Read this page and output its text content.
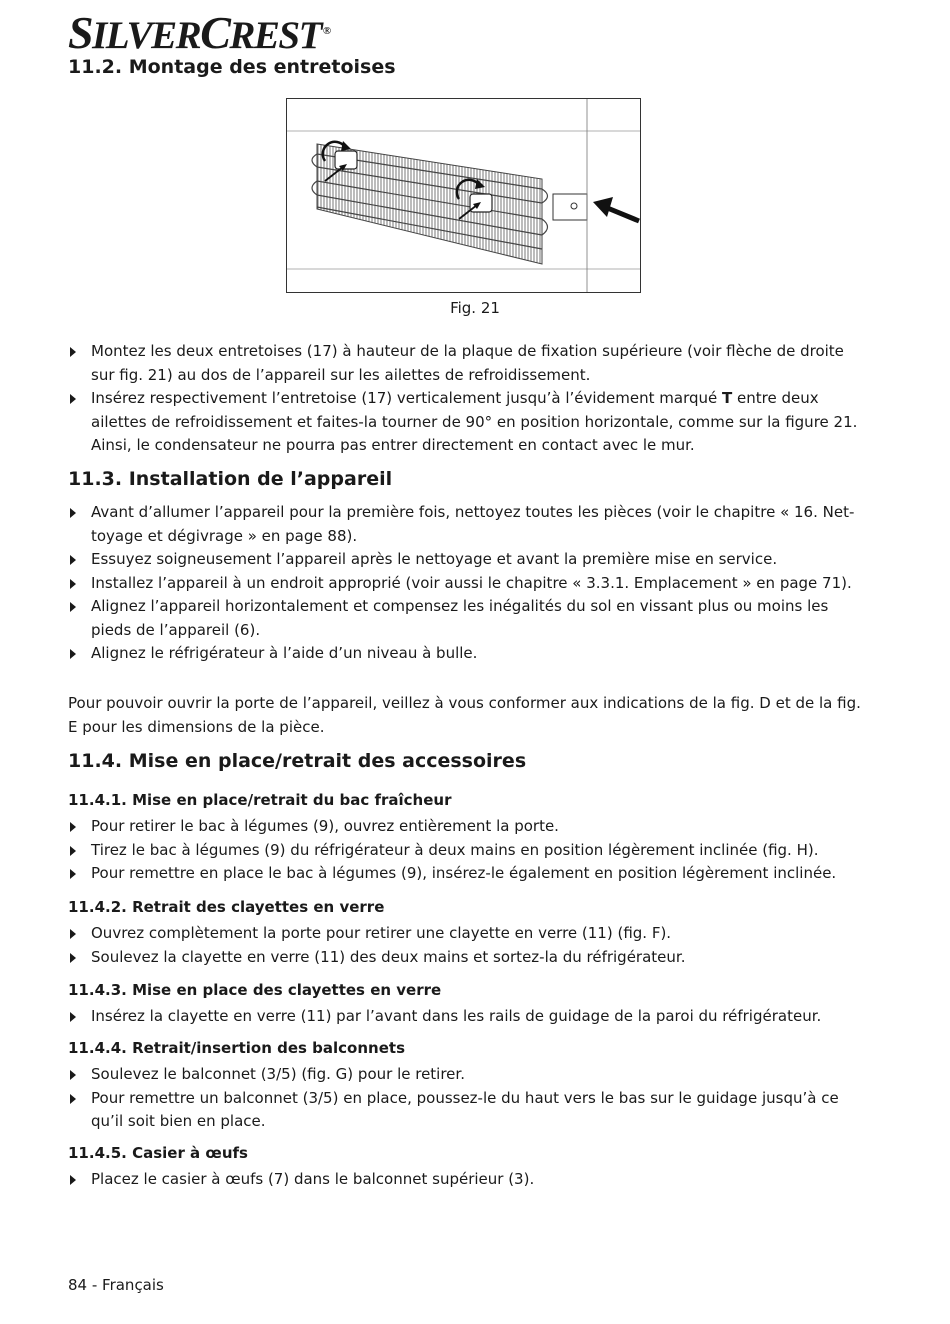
SILVERCREST ®
11.2. Montage des entretoises
Fig. 21
Montez les deux entretoises (17) à hauteur de la plaque de fixation supérieure (voir flèche de droite sur fig. 21) au dos de l’appareil sur les ailettes de refroidissement.
Insérez respectivement l’entretoise (17) verticalement jusqu’à l’évidement marqué T entre deux ailettes de refroidissement et faites-la tourner de 90° en position horizontale, comme sur la figure 21. Ainsi, le condensateur ne pourra pas entrer directement en contact avec le mur.
11.3. Installation de l’appareil
Avant d’allumer l’appareil pour la première fois, nettoyez toutes les pièces (voir le chapitre « 16. Net-toyage et dégivrage » en page 88).
Essuyez soigneusement l’appareil après le nettoyage et avant la première mise en service.
Installez l’appareil à un endroit approprié (voir aussi le chapitre « 3.3.1. Emplacement » en page 71).
Alignez l’appareil horizontalement et compensez les inégalités du sol en vissant plus ou moins les pieds de l’appareil (6).
Alignez le réfrigérateur à l’aide d’un niveau à bulle.

Pour pouvoir ouvrir la porte de l’appareil, veillez à vous conformer aux indications de la fig. D et de la fig. E pour les dimensions de la pièce.

11.4. Mise en place/retrait des accessoires
11.4.1. Mise en place/retrait du bac fraîcheur
Pour retirer le bac à légumes (9), ouvrez entièrement la porte.
Tirez le bac à légumes (9) du réfrigérateur à deux mains en position légèrement inclinée (fig. H).
Pour remettre en place le bac à légumes (9), insérez-le également en position légèrement inclinée.
11.4.2. Retrait des clayettes en verre
Ouvrez complètement la porte pour retirer une clayette en verre (11) (fig. F).
Soulevez la clayette en verre (11) des deux mains et sortez-la du réfrigérateur.
11.4.3. Mise en place des clayettes en verre
Insérez la clayette en verre (11) par l’avant dans les rails de guidage de la paroi du réfrigérateur.
11.4.4. Retrait/insertion des balconnets
Soulevez le balconnet (3/5) (fig. G) pour le retirer.
Pour remettre un balconnet (3/5) en place, poussez-le du haut vers le bas sur le guidage jusqu’à ce qu’il soit bien en place.
11.4.5. Casier à œufs
Placez le casier à œufs (7) dans le balconnet supérieur (3).
84 - Français
